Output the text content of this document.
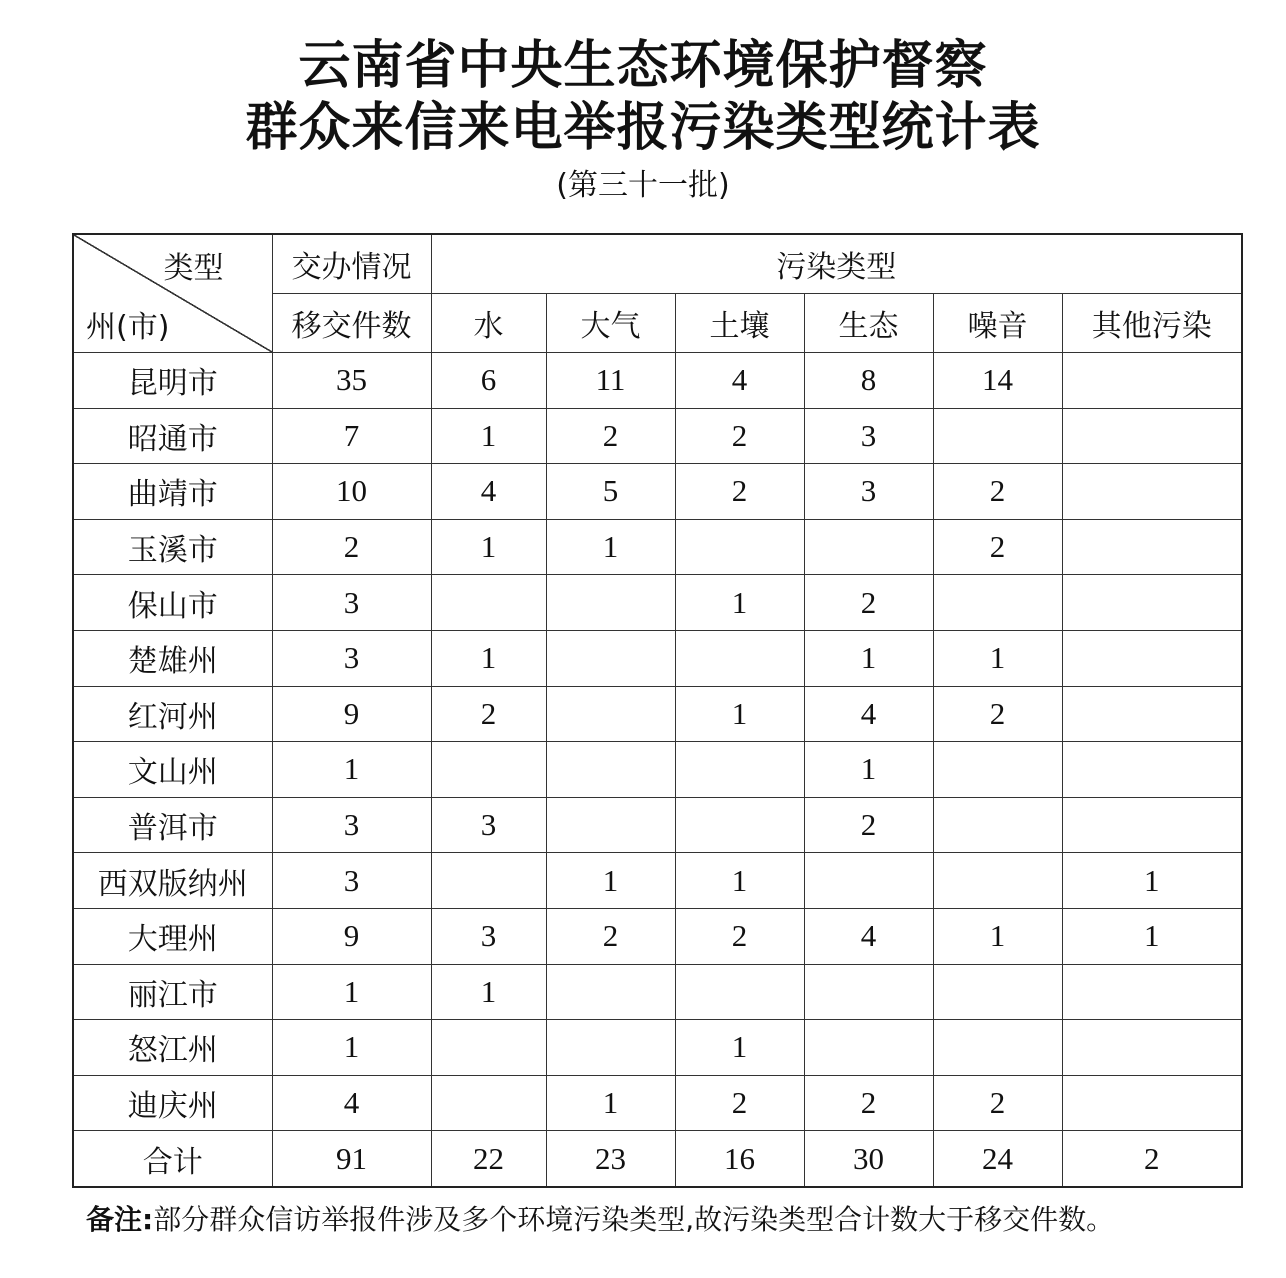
云南省中央生态环境保护督察
群众来信来电举报污染类型统计表
(第三十一批)
类型
州(市)	交办情况	污染类型					
	移交件数	水	大气	土壤	生态	噪音	其他污染
昆明市	35	6	11	4	8	14	
昭通市	7	1	2	2	3		
曲靖市	10	4	5	2	3	2	
玉溪市	2	1	1			2	
保山市	3			1	2		
楚雄州	3	1			1	1	
红河州	9	2		1	4	2	
文山州	1				1		
普洱市	3	3			2		
西双版纳州	3		1	1			1
大理州	9	3	2	2	4	1	1
丽江市	1	1					
怒江州	1			1			
迪庆州	4		1	2	2	2	
合计	91	22	23	16	30	24	2
备注:部分群众信访举报件涉及多个环境污染类型,故污染类型合计数大于移交件数。
